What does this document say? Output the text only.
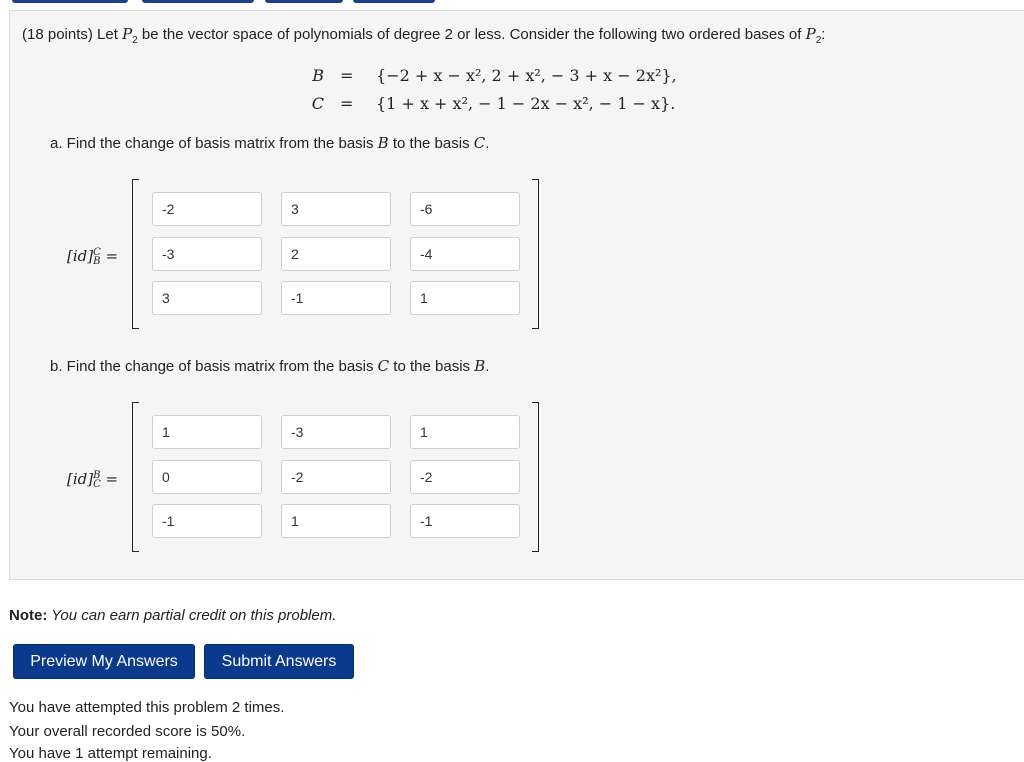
(18 points) Let $P_2$ be the vector space of polynomials of degree 2 or less. Consider the following two ordered bases of $P_2$:
B = {−2 + x − x², 2 + x², − 3 + x − 2x²},
C = {1 + x + x², − 1 − 2x − x², − 1 − x}.
a. Find the change of basis matrix from the basis B to the basis C.
[id] C
B =
-2	3	-6
-3	2	-4
3	-1	1
b. Find the change of basis matrix from the basis C to the basis B.
[id] B
C =
1	-3	1
0	-2	-2
-1	1	-1
Note: You can earn partial credit on this problem.
Preview My Answers	Submit Answers
You have attempted this problem 2 times.
Your overall recorded score is 50%.
You have 1 attempt remaining.
